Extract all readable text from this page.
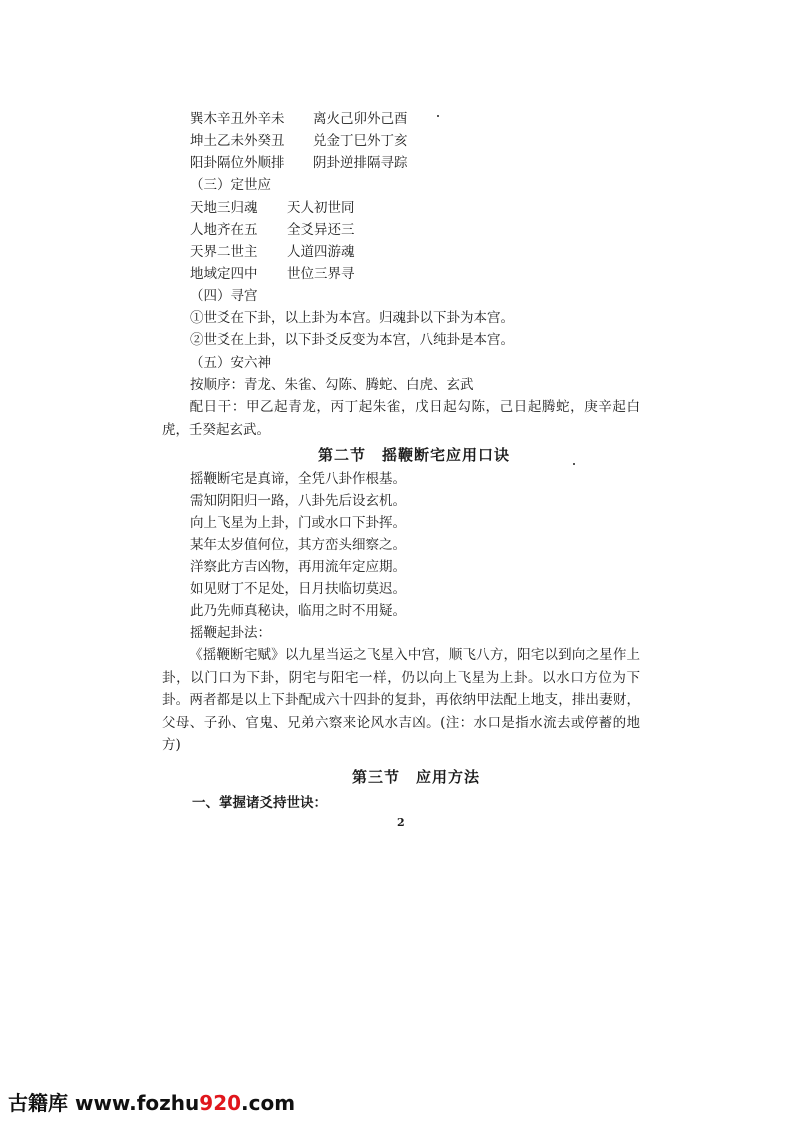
巽木辛丑外辛未 离火己卯外己酉
坤土乙未外癸丑 兑金丁巳外丁亥
阳卦隔位外顺排 阴卦逆排隔寻踪
（三）定世应
天地三归魂 天人初世同
人地齐在五 全爻异还三
天界二世主 人道四游魂
地域定四中 世位三界寻
（四）寻宫
①世爻在下卦，以上卦为本宫。归魂卦以下卦为本宫。
②世爻在上卦，以下卦爻反变为本宫，八纯卦是本宫。
（五）安六神
按顺序：青龙、朱雀、勾陈、腾蛇、白虎、玄武
配日干：甲乙起青龙，丙丁起朱雀，戊日起勾陈，己日起腾蛇，庚辛起白虎，壬癸起玄武。
第二节　摇鞭断宅应用口诀
摇鞭断宅是真谛，全凭八卦作根基。
需知阴阳归一路，八卦先后设玄机。
向上飞星为上卦，门或水口下卦挥。
某年太岁值何位，其方峦头细察之。
洋察此方吉凶物，再用流年定应期。
如见财丁不足处，日月扶临切莫迟。
此乃先师真秘诀，临用之时不用疑。
摇鞭起卦法：
《摇鞭断宅赋》以九星当运之飞星入中宫，顺飞八方，阳宅以到向之星作上卦，以门口为下卦，阴宅与阳宅一样，仍以向上飞星为上卦。以水口方位为下卦。两者都是以上下卦配成六十四卦的复卦，再依纳甲法配上地支，排出妻财，父母、子孙、官鬼、兄弟六察来论风水吉凶。(注：水口是指水流去或停蓄的地方)
第三节　应用方法
一、掌握诸爻持世诀：
2
古籍库 www.fozhu920.com
